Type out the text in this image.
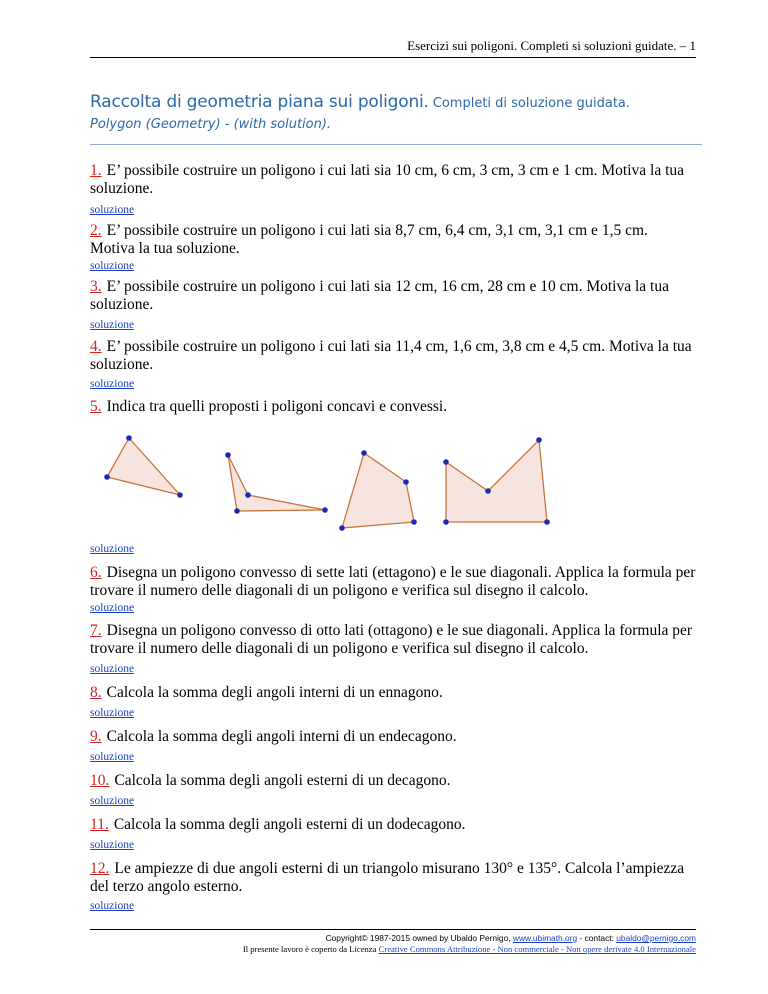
Esercizi sui poligoni. Completi si soluzioni guidate. – 1
Raccolta di geometria piana sui poligoni. Completi di soluzione guidata.
Polygon (Geometry) - (with solution).
1. E’ possibile costruire un poligono i cui lati sia 10 cm, 6 cm, 3 cm, 3 cm e 1 cm. Motiva la tua soluzione.
soluzione
2. E’ possibile costruire un poligono i cui lati sia 8,7 cm, 6,4 cm, 3,1 cm, 3,1 cm e 1,5 cm. Motiva la tua soluzione.
soluzione
3. E’ possibile costruire un poligono i cui lati sia 12 cm, 16 cm, 28 cm e 10 cm. Motiva la tua soluzione.
soluzione
4. E’ possibile costruire un poligono i cui lati sia 11,4 cm, 1,6 cm, 3,8 cm e 4,5 cm. Motiva la tua soluzione.
soluzione
5. Indica tra quelli proposti i poligoni concavi e convessi.
soluzione
6. Disegna un poligono convesso di sette lati (ettagono) e le sue diagonali. Applica la formula per trovare il numero delle diagonali di un poligono e verifica sul disegno il calcolo.
soluzione
7. Disegna un poligono convesso di otto lati (ottagono) e le sue diagonali. Applica la formula per trovare il numero delle diagonali di un poligono e verifica sul disegno il calcolo.
soluzione
8. Calcola la somma degli angoli interni di un ennagono.
soluzione
9. Calcola la somma degli angoli interni di un endecagono.
soluzione
10. Calcola la somma degli angoli esterni di un decagono.
soluzione
11. Calcola la somma degli angoli esterni di un dodecagono.
soluzione
12. Le ampiezze di due angoli esterni di un triangolo misurano 130° e 135°. Calcola l’ampiezza del terzo angolo esterno.
soluzione
Copyright© 1987-2015 owned by Ubaldo Pernigo, www.ubimath.org - contact: ubaldo@pernigo.com
Il presente lavoro è coperto da Licenza Creative Commons Attribuzione - Non commerciale - Non opere derivate 4.0 Internazionale
